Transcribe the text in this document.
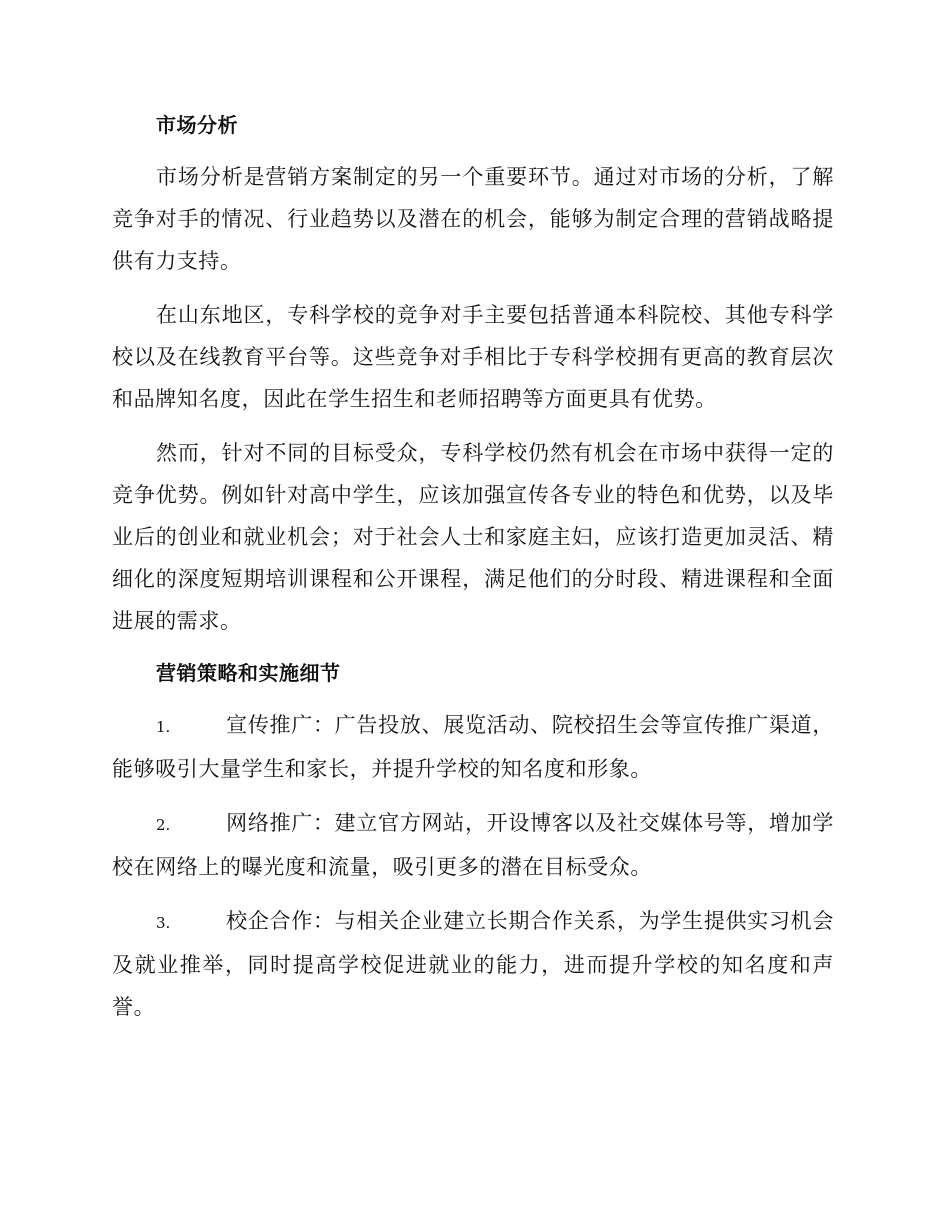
市场分析

市场分析是营销方案制定的另一个重要环节。通过对市场的分析，了解竞争对手的情况、行业趋势以及潜在的机会，能够为制定合理的营销战略提供有力支持。

在山东地区，专科学校的竞争对手主要包括普通本科院校、其他专科学校以及在线教育平台等。这些竞争对手相比于专科学校拥有更高的教育层次和品牌知名度，因此在学生招生和老师招聘等方面更具有优势。

然而，针对不同的目标受众，专科学校仍然有机会在市场中获得一定的竞争优势。例如针对高中学生，应该加强宣传各专业的特色和优势，以及毕业后的创业和就业机会；对于社会人士和家庭主妇，应该打造更加灵活、精细化的深度短期培训课程和公开课程，满足他们的分时段、精进课程和全面进展的需求。

营销策略和实施细节

1.	宣传推广：广告投放、展览活动、院校招生会等宣传推广渠道，能够吸引大量学生和家长，并提升学校的知名度和形象。

2.	网络推广：建立官方网站，开设博客以及社交媒体号等，增加学校在网络上的曝光度和流量，吸引更多的潜在目标受众。

3.	校企合作：与相关企业建立长期合作关系，为学生提供实习机会及就业推举，同时提高学校促进就业的能力，进而提升学校的知名度和声誉。
